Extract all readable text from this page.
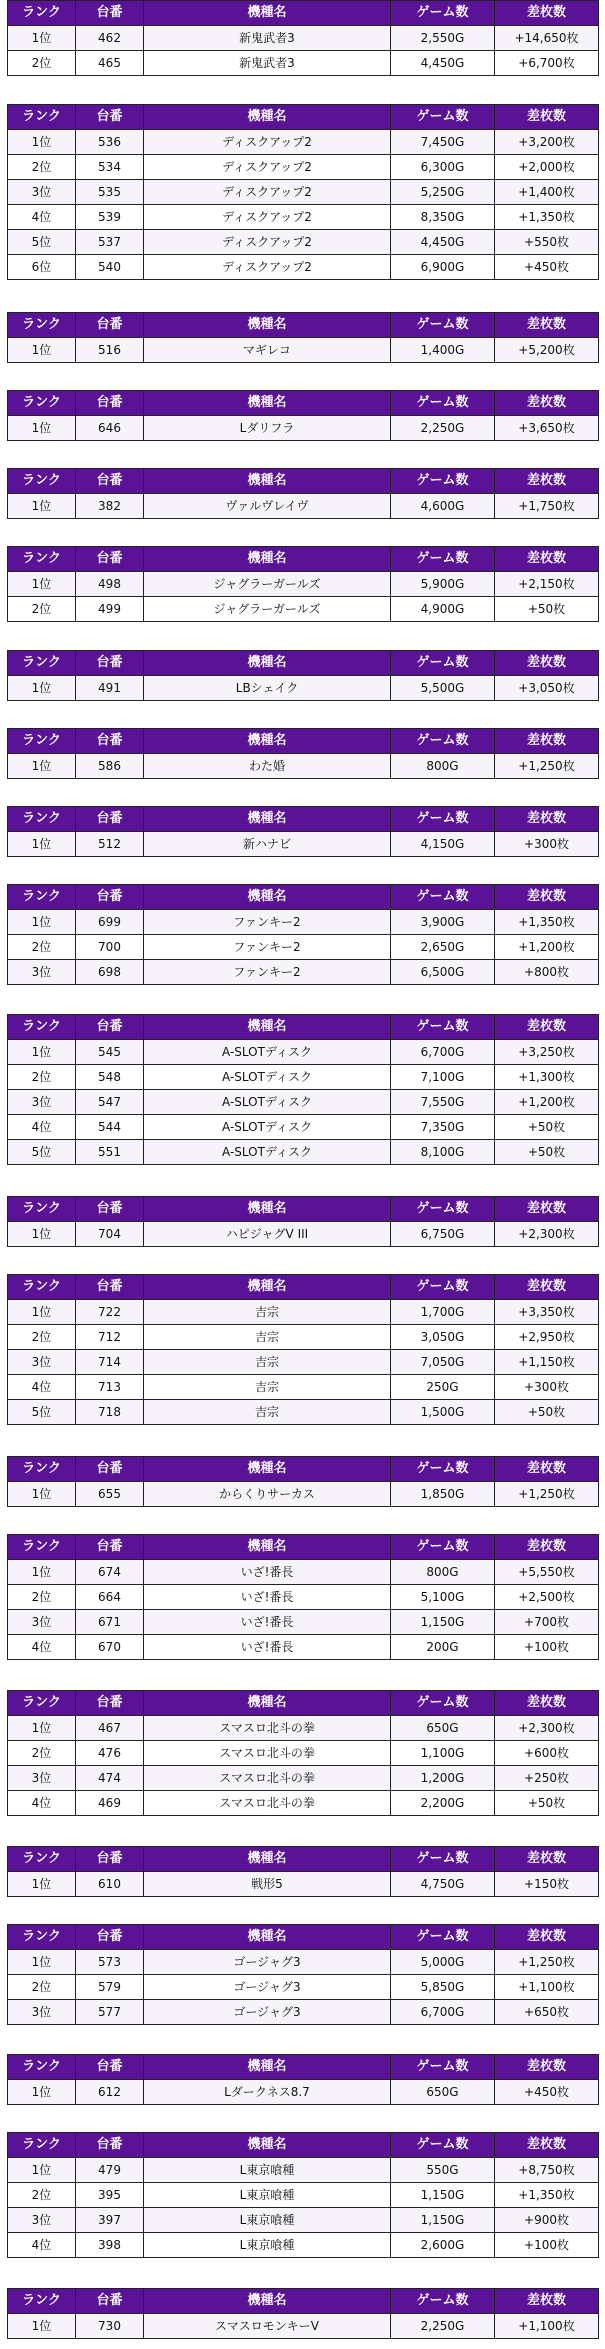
ランク	台番	機種名	ゲーム数	差枚数
1位	462	新鬼武者3	2,550G	+14,650枚
2位	465	新鬼武者3	4,450G	+6,700枚
ランク	台番	機種名	ゲーム数	差枚数
1位	536	ディスクアップ2	7,450G	+3,200枚
2位	534	ディスクアップ2	6,300G	+2,000枚
3位	535	ディスクアップ2	5,250G	+1,400枚
4位	539	ディスクアップ2	8,350G	+1,350枚
5位	537	ディスクアップ2	4,450G	+550枚
6位	540	ディスクアップ2	6,900G	+450枚
ランク	台番	機種名	ゲーム数	差枚数
1位	516	マギレコ	1,400G	+5,200枚
ランク	台番	機種名	ゲーム数	差枚数
1位	646	Lダリフラ	2,250G	+3,650枚
ランク	台番	機種名	ゲーム数	差枚数
1位	382	ヴァルヴレイヴ	4,600G	+1,750枚
ランク	台番	機種名	ゲーム数	差枚数
1位	498	ジャグラーガールズ	5,900G	+2,150枚
2位	499	ジャグラーガールズ	4,900G	+50枚
ランク	台番	機種名	ゲーム数	差枚数
1位	491	LBシェイク	5,500G	+3,050枚
ランク	台番	機種名	ゲーム数	差枚数
1位	586	わた婚	800G	+1,250枚
ランク	台番	機種名	ゲーム数	差枚数
1位	512	新ハナビ	4,150G	+300枚
ランク	台番	機種名	ゲーム数	差枚数
1位	699	ファンキー2	3,900G	+1,350枚
2位	700	ファンキー2	2,650G	+1,200枚
3位	698	ファンキー2	6,500G	+800枚
ランク	台番	機種名	ゲーム数	差枚数
1位	545	A-SLOTディスク	6,700G	+3,250枚
2位	548	A-SLOTディスク	7,100G	+1,300枚
3位	547	A-SLOTディスク	7,550G	+1,200枚
4位	544	A-SLOTディスク	7,350G	+50枚
5位	551	A-SLOTディスク	8,100G	+50枚
ランク	台番	機種名	ゲーム数	差枚数
1位	704	ハピジャグV III	6,750G	+2,300枚
ランク	台番	機種名	ゲーム数	差枚数
1位	722	吉宗	1,700G	+3,350枚
2位	712	吉宗	3,050G	+2,950枚
3位	714	吉宗	7,050G	+1,150枚
4位	713	吉宗	250G	+300枚
5位	718	吉宗	1,500G	+50枚
ランク	台番	機種名	ゲーム数	差枚数
1位	655	からくりサーカス	1,850G	+1,250枚
ランク	台番	機種名	ゲーム数	差枚数
1位	674	いざ!番長	800G	+5,550枚
2位	664	いざ!番長	5,100G	+2,500枚
3位	671	いざ!番長	1,150G	+700枚
4位	670	いざ!番長	200G	+100枚
ランク	台番	機種名	ゲーム数	差枚数
1位	467	スマスロ北斗の拳	650G	+2,300枚
2位	476	スマスロ北斗の拳	1,100G	+600枚
3位	474	スマスロ北斗の拳	1,200G	+250枚
4位	469	スマスロ北斗の拳	2,200G	+50枚
ランク	台番	機種名	ゲーム数	差枚数
1位	610	戦形5	4,750G	+150枚
ランク	台番	機種名	ゲーム数	差枚数
1位	573	ゴージャグ3	5,000G	+1,250枚
2位	579	ゴージャグ3	5,850G	+1,100枚
3位	577	ゴージャグ3	6,700G	+650枚
ランク	台番	機種名	ゲーム数	差枚数
1位	612	Lダークネス8.7	650G	+450枚
ランク	台番	機種名	ゲーム数	差枚数
1位	479	L東京喰種	550G	+8,750枚
2位	395	L東京喰種	1,150G	+1,350枚
3位	397	L東京喰種	1,150G	+900枚
4位	398	L東京喰種	2,600G	+100枚
ランク	台番	機種名	ゲーム数	差枚数
1位	730	スマスロモンキーV	2,250G	+1,100枚
